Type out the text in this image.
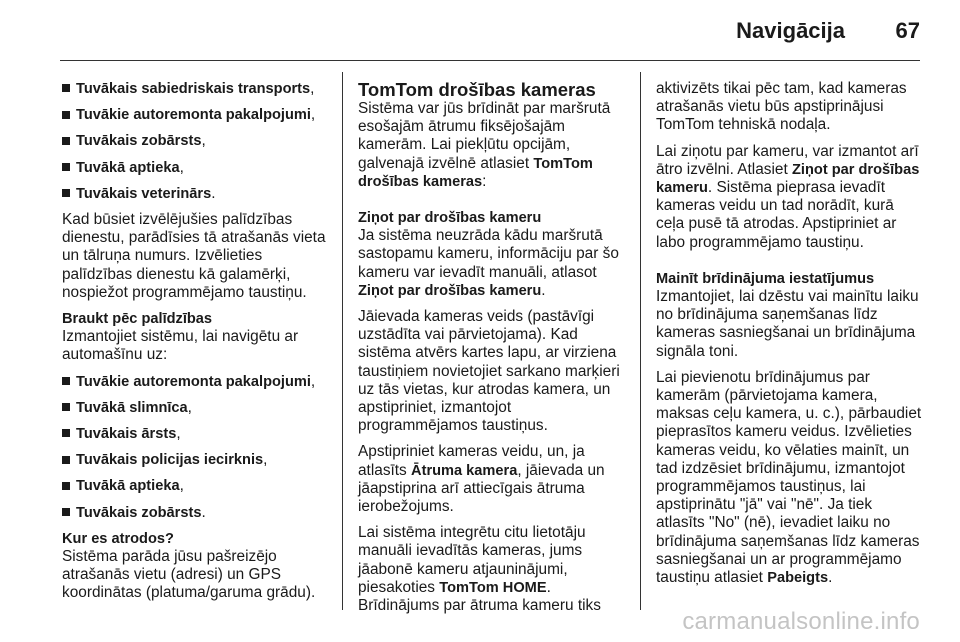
Navigācija 67
Tuvākais sabiedriskais transports,
Tuvākie autoremonta pakalpojumi,
Tuvākais zobārsts,
Tuvākā aptieka,
Tuvākais veterinārs.

Kad būsiet izvēlējušies palīdzības dienestu, parādīsies tā atrašanās vieta un tālruņa numurs. Izvēlieties palīdzības dienestu kā galamērķi, nospiežot programmējamo taustiņu.

Braukt pēc palīdzības

Izmantojiet sistēmu, lai navigētu ar automašīnu uz:

Tuvākie autoremonta pakalpojumi,
Tuvākā slimnīca,
Tuvākais ārsts,
Tuvākais policijas iecirknis,
Tuvākā aptieka,
Tuvākais zobārsts.
Kur es atrodos?

Sistēma parāda jūsu pašreizējo atrašanās vietu (adresi) un GPS koordinātas (platuma/garuma grādu).

TomTom drošības kameras

Sistēma var jūs brīdināt par maršrutā esošajām ātrumu fiksējošajām kamerām. Lai piekļūtu opcijām, galvenajā izvēlnē atlasiet TomTom drošības kameras:

Ziņot par drošības kameru

Ja sistēma neuzrāda kādu maršrutā sastopamu kameru, informāciju par šo kameru var ievadīt manuāli, atlasot Ziņot par drošības kameru.

Jāievada kameras veids (pastāvīgi uzstādīta vai pārvietojama). Kad sistēma atvērs kartes lapu, ar virziena taustiņiem novietojiet sarkano marķieri uz tās vietas, kur atrodas kamera, un apstipriniet, izmantojot programmējamos taustiņus.

Apstipriniet kameras veidu, un, ja atlasīts Ātruma kamera, jāievada un jāapstiprina arī attiecīgais ātruma ierobežojums.

Lai sistēma integrētu citu lietotāju manuāli ievadītās kameras, jums jāabonē kameru atjauninājumi, piesakoties TomTom HOME. Brīdinājums par ātruma kameru tiks

aktivizēts tikai pēc tam, kad kameras atrašanās vietu būs apstiprinājusi TomTom tehniskā nodaļa.

Lai ziņotu par kameru, var izmantot arī ātro izvēlni. Atlasiet Ziņot par drošības kameru. Sistēma pieprasa ievadīt kameras veidu un tad norādīt, kurā ceļa pusē tā atrodas. Apstipriniet ar labo programmējamo taustiņu.

Mainīt brīdinājuma iestatījumus

Izmantojiet, lai dzēstu vai mainītu laiku no brīdinājuma saņemšanas līdz kameras sasniegšanai un brīdinājuma signāla toni.

Lai pievienotu brīdinājumus par kamerām (pārvietojama kamera, maksas ceļu kamera, u. c.), pārbaudiet pieprasītos kameru veidus. Izvēlieties kameras veidu, ko vēlaties mainīt, un tad izdzēsiet brīdinājumu, izmantojot programmējamos taustiņus, lai apstiprinātu "jā" vai "nē". Ja tiek atlasīts "No" (nē), ievadiet laiku no brīdinājuma saņemšanas līdz kameras sasniegšanai un ar programmējamo taustiņu atlasiet Pabeigts.

carmanualsonline.info
